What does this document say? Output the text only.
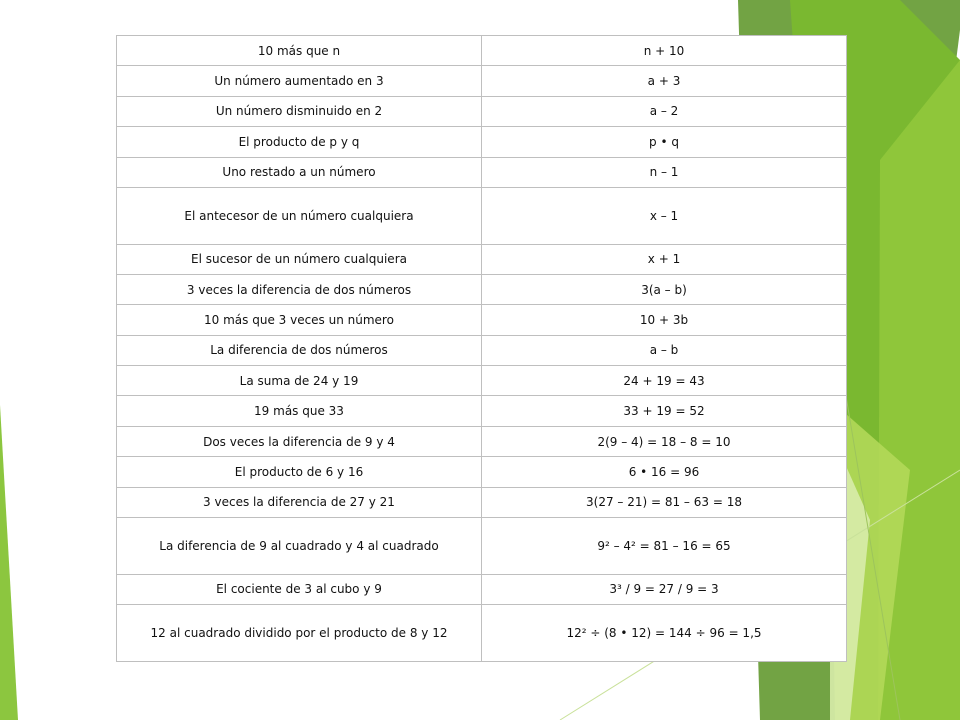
10 más que n	n + 10
Un número aumentado en 3	a + 3
Un número disminuido en 2	a – 2
El producto de p y q	p • q
Uno restado a un número	n – 1
El antecesor de un número cualquiera	x – 1
El sucesor de un número cualquiera	x + 1
3 veces la diferencia de dos números	3(a – b)
10 más que 3 veces un número	10 + 3b
La diferencia de dos números	a – b
La suma de 24 y 19	24 + 19 = 43
19 más que 33	33 + 19 = 52
Dos veces la diferencia de 9 y 4	2(9 – 4) = 18 – 8 = 10
El producto de 6 y 16	6 • 16 = 96
3 veces la diferencia de 27 y 21	3(27 – 21) = 81 – 63 = 18
La diferencia de 9 al cuadrado y 4 al cuadrado	9² – 4² = 81 – 16 = 65
El cociente de 3 al cubo y 9	3³ / 9 = 27 / 9 = 3
12 al cuadrado dividido por el producto de 8 y 12	12² ÷ (8 • 12) = 144 ÷ 96 = 1,5
